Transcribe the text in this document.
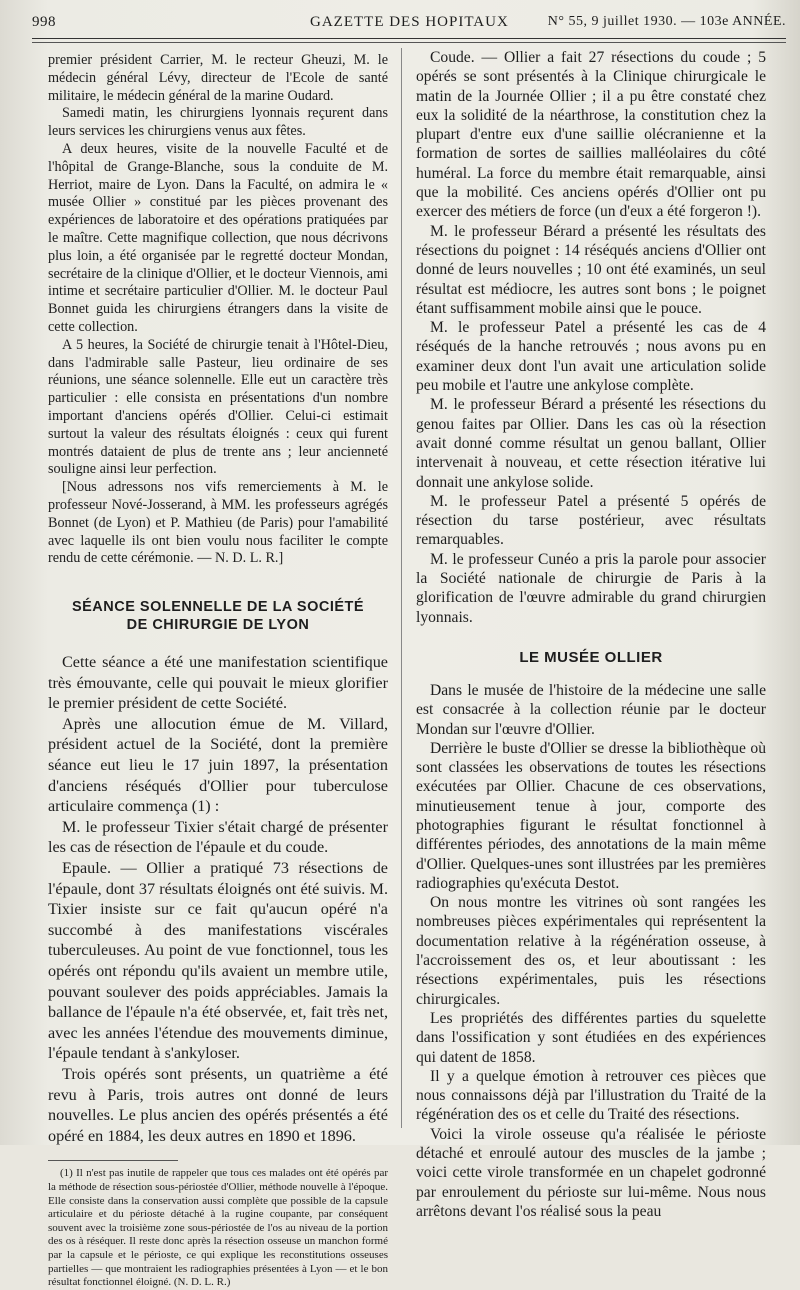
998	GAZETTE DES HOPITAUX	N° 55, 9 juillet 1930. — 103e ANNÉE.

premier président Carrier, M. le recteur Gheuzi, M. le médecin général Lévy, directeur de l'Ecole de santé militaire, le médecin général de la marine Oudard.

Samedi matin, les chirurgiens lyonnais reçurent dans leurs services les chirurgiens venus aux fêtes.

A deux heures, visite de la nouvelle Faculté et de l'hôpital de Grange-Blanche, sous la conduite de M. Herriot, maire de Lyon. Dans la Faculté, on admira le « musée Ollier » constitué par les pièces provenant des expériences de laboratoire et des opérations pratiquées par le maître. Cette magnifique collection, que nous décrivons plus loin, a été organisée par le regretté docteur Mondan, secrétaire de la clinique d'Ollier, et le docteur Viennois, ami intime et secrétaire particulier d'Ollier. M. le docteur Paul Bonnet guida les chirurgiens étrangers dans la visite de cette collection.

A 5 heures, la Société de chirurgie tenait à l'Hôtel-Dieu, dans l'admirable salle Pasteur, lieu ordinaire de ses réunions, une séance solennelle. Elle eut un caractère très particulier : elle consista en présentations d'un nombre important d'anciens opérés d'Ollier. Celui-ci estimait surtout la valeur des résultats éloignés : ceux qui furent montrés dataient de plus de trente ans ; leur ancienneté souligne ainsi leur perfection.

[Nous adressons nos vifs remerciements à M. le professeur Nové-Josserand, à MM. les professeurs agrégés Bonnet (de Lyon) et P. Mathieu (de Paris) pour l'amabilité avec laquelle ils ont bien voulu nous faciliter le compte rendu de cette cérémonie. — N. D. L. R.]

SÉANCE SOLENNELLE DE LA SOCIÉTÉ
DE CHIRURGIE DE LYON

Cette séance a été une manifestation scientifique très émouvante, celle qui pouvait le mieux glorifier le premier président de cette Société.

Après une allocution émue de M. Villard, président actuel de la Société, dont la première séance eut lieu le 17 juin 1897, la présentation d'anciens réséqués d'Ollier pour tuberculose articulaire commença (1) :

M. le professeur Tixier s'était chargé de présenter les cas de résection de l'épaule et du coude.

Epaule. — Ollier a pratiqué 73 résections de l'épaule, dont 37 résultats éloignés ont été suivis. M. Tixier insiste sur ce fait qu'aucun opéré n'a succombé à des manifestations viscérales tuberculeuses. Au point de vue fonctionnel, tous les opérés ont répondu qu'ils avaient un membre utile, pouvant soulever des poids appréciables. Jamais la ballance de l'épaule n'a été observée, et, fait très net, avec les années l'étendue des mouvements diminue, l'épaule tendant à s'ankyloser.

Trois opérés sont présents, un quatrième a été revu à Paris, trois autres ont donné de leurs nouvelles. Le plus ancien des opérés présentés a été opéré en 1884, les deux autres en 1890 et 1896.

(1) Il n'est pas inutile de rappeler que tous ces malades ont été opérés par la méthode de résection sous-périostée d'Ollier, méthode nouvelle à l'époque. Elle consiste dans la conservation aussi complète que possible de la capsule articulaire et du périoste détaché à la rugine coupante, par conséquent souvent avec la troisième zone sous-périostée de l'os au niveau de la portion des os à réséquer. Il reste donc après la résection osseuse un manchon formé par la capsule et le périoste, ce qui explique les reconstitutions osseuses partielles — que montraient les radiographies présentées à Lyon — et le bon résultat fonctionnel éloigné. (N. D. L. R.)

Coude. — Ollier a fait 27 résections du coude ; 5 opérés se sont présentés à la Clinique chirurgicale le matin de la Journée Ollier ; il a pu être constaté chez eux la solidité de la néarthrose, la constitution chez la plupart d'entre eux d'une saillie olécranienne et la formation de sortes de saillies malléolaires du côté huméral. La force du membre était remarquable, ainsi que la mobilité. Ces anciens opérés d'Ollier ont pu exercer des métiers de force (un d'eux a été forgeron !).

M. le professeur Bérard a présenté les résultats des résections du poignet : 14 réséqués anciens d'Ollier ont donné de leurs nouvelles ; 10 ont été examinés, un seul résultat est médiocre, les autres sont bons ; le poignet étant suffisamment mobile ainsi que le pouce.

M. le professeur Patel a présenté les cas de 4 réséqués de la hanche retrouvés ; nous avons pu en examiner deux dont l'un avait une articulation solide peu mobile et l'autre une ankylose complète.

M. le professeur Bérard a présenté les résections du genou faites par Ollier. Dans les cas où la résection avait donné comme résultat un genou ballant, Ollier intervenait à nouveau, et cette résection itérative lui donnait une ankylose solide.

M. le professeur Patel a présenté 5 opérés de résection du tarse postérieur, avec résultats remarquables.

M. le professeur Cunéo a pris la parole pour associer la Société nationale de chirurgie de Paris à la glorification de l'œuvre admirable du grand chirurgien lyonnais.

LE MUSÉE OLLIER

Dans le musée de l'histoire de la médecine une salle est consacrée à la collection réunie par le docteur Mondan sur l'œuvre d'Ollier.

Derrière le buste d'Ollier se dresse la bibliothèque où sont classées les observations de toutes les résections exécutées par Ollier. Chacune de ces observations, minutieusement tenue à jour, comporte des photographies figurant le résultat fonctionnel à différentes périodes, des annotations de la main même d'Ollier. Quelques-unes sont illustrées par les premières radiographies qu'exécuta Destot.

On nous montre les vitrines où sont rangées les nombreuses pièces expérimentales qui représentent la documentation relative à la régénération osseuse, à l'accroissement des os, et leur aboutissant : les résections expérimentales, puis les résections chirurgicales.

Les propriétés des différentes parties du squelette dans l'ossification y sont étudiées en des expériences qui datent de 1858.

Il y a quelque émotion à retrouver ces pièces que nous connaissons déjà par l'illustration du Traité de la régénération des os et celle du Traité des résections.

Voici la virole osseuse qu'a réalisée le périoste détaché et enroulé autour des muscles de la jambe ; voici cette virole transformée en un chapelet godronné par enroulement du périoste sur lui-même. Nous nous arrêtons devant l'os réalisé sous la peau
